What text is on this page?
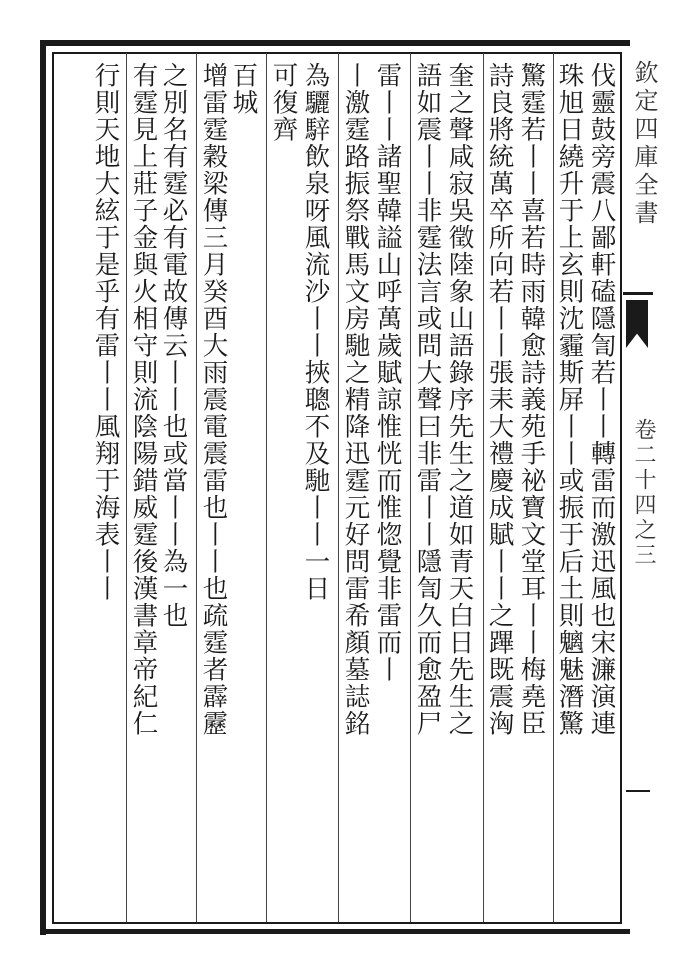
欽定四庫全書
卷二十四之三
伐靈鼓旁震八鄙軒磕隱訇若丨丨轉雷而激迅風也宋濂演連
珠旭日繞升于上玄則沈霾斯屏丨丨或振于后土則魑魅潛驚
驚霆若丨丨喜若時雨韓愈詩義苑手祕寶文堂耳丨丨梅堯臣
詩良將統萬卒所向若丨丨張耒大禮慶成賦丨丨之蹕既震洶
奎之聲咸寂吳徵陸象山語錄序先生之道如青天白日先生之
語如震丨丨非霆法言或問大聲曰非雷丨丨隱訇久而愈盈尸
雷丨丨諸聖韓謚山呼萬歲賦諒惟恍而惟惚覺非雷而丨
丨激霆路振祭戰馬文房馳之精降迅霆元好問雷希顏墓誌銘
為驪騂飲泉呀風流沙丨丨挾聰不及馳丨丨一日
可復齊
百城
增雷霆穀梁傳三月癸酉大雨震電震雷也丨丨也疏霆者霹靂
之別名有霆必有電故傳云丨丨也或當丨丨為一也
有霆見上莊子金與火相守則流陰陽錯威霆後漢書章帝紀仁
行則天地大絃于是乎有雷丨丨風翔于海表丨丨
